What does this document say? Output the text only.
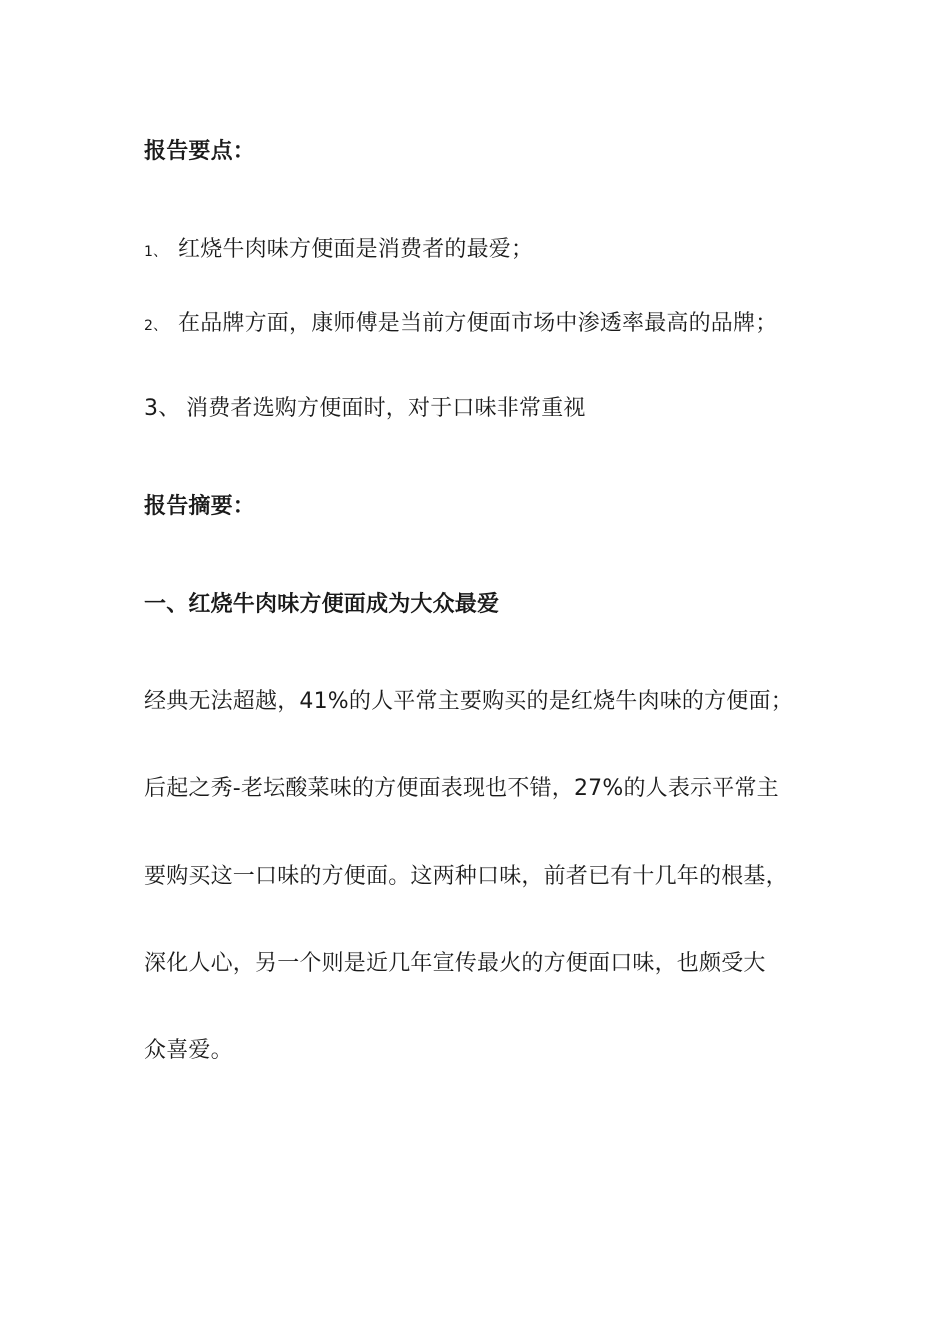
报告要点：
1、 红烧牛肉味方便面是消费者的最爱；
2、 在品牌方面，康师傅是当前方便面市场中渗透率最高的品牌；
3、 消费者选购方便面时，对于口味非常重视
报告摘要：
一、红烧牛肉味方便面成为大众最爱
经典无法超越，41%的人平常主要购买的是红烧牛肉味的方便面；
后起之秀-老坛酸菜味的方便面表现也不错，27%的人表示平常主
要购买这一口味的方便面。这两种口味，前者已有十几年的根基，
深化人心，另一个则是近几年宣传最火的方便面口味，也颇受大
众喜爱。
